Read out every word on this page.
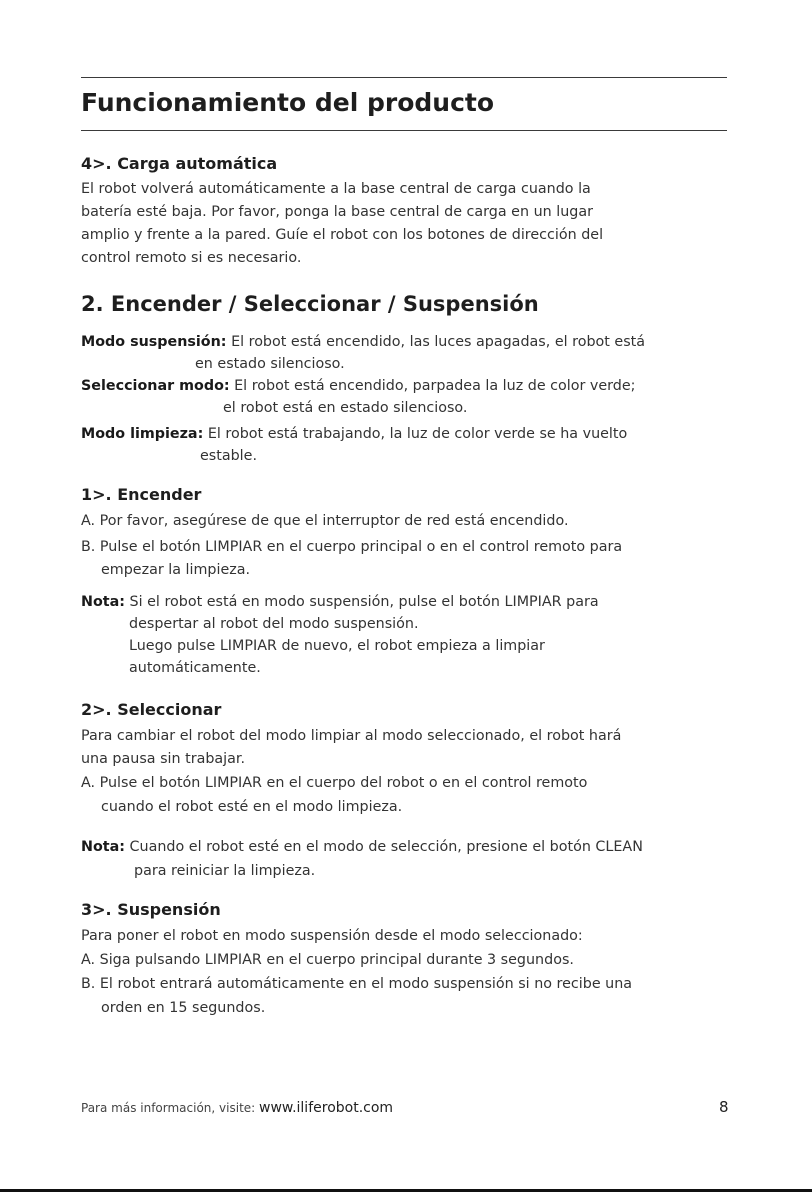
Funcionamiento del producto
4>. Carga automática
El robot volverá automáticamente a la base central de carga cuando la
batería esté baja. Por favor, ponga la base central de carga en un lugar
amplio y frente a la pared. Guíe el robot con los botones de dirección del
control remoto si es necesario.
2. Encender / Seleccionar / Suspensión
Modo suspensión: El robot está encendido, las luces apagadas, el robot está
en estado silencioso.
Seleccionar modo: El robot está encendido, parpadea la luz de color verde;
el robot está en estado silencioso.
Modo limpieza: El robot está trabajando, la luz de color verde se ha vuelto
estable.
1>. Encender
A. Por favor, asegúrese de que el interruptor de red está encendido.
B. Pulse el botón LIMPIAR en el cuerpo principal o en el control remoto para
empezar la limpieza.
Nota: Si el robot está en modo suspensión, pulse el botón LIMPIAR para
despertar al robot del modo suspensión.
Luego pulse LIMPIAR de nuevo, el robot empieza a limpiar
automáticamente.
2>. Seleccionar
Para cambiar el robot del modo limpiar al modo seleccionado, el robot hará
una pausa sin trabajar.
A. Pulse el botón LIMPIAR en el cuerpo del robot o en el control remoto
cuando el robot esté en el modo limpieza.
Nota: Cuando el robot esté en el modo de selección, presione el botón CLEAN
para reiniciar la limpieza.
3>. Suspensión
Para poner el robot en modo suspensión desde el modo seleccionado:
A. Siga pulsando LIMPIAR en el cuerpo principal durante 3 segundos.
B. El robot entrará automáticamente en el modo suspensión si no recibe una
orden en 15 segundos.
Para más información, visite: www.iliferobot.com	8
